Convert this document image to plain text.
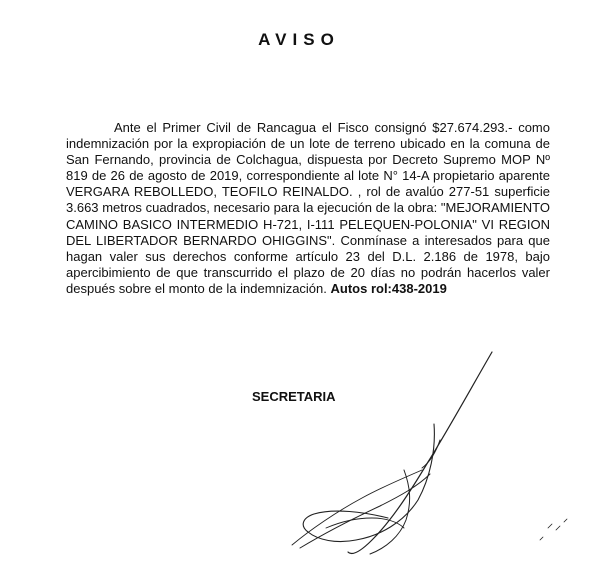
AVISO

Ante el Primer Civil de Rancagua el Fisco consignó $27.674.293.- como indemnización por la expropiación de un lote de terreno ubicado en la comuna de San Fernando, provincia de Colchagua, dispuesta por Decreto Supremo MOP Nº 819 de 26 de agosto de 2019, correspondiente al lote N° 14-A propietario aparente VERGARA REBOLLEDO, TEOFILO REINALDO. , rol de avalúo 277-51 superficie 3.663 metros cuadrados, necesario para la ejecución de la obra: "MEJORAMIENTO CAMINO BASICO INTERMEDIO H-721, I-111 PELEQUEN-POLONIA" VI REGION DEL LIBERTADOR BERNARDO OHIGGINS". Conmínase a interesados para que hagan valer sus derechos conforme artículo 23 del D.L. 2.186 de 1978, bajo apercibimiento de que transcurrido el plazo de 20 días no podrán hacerlos valer después sobre el monto de la indemnización. Autos rol:438-2019

SECRETARIA
